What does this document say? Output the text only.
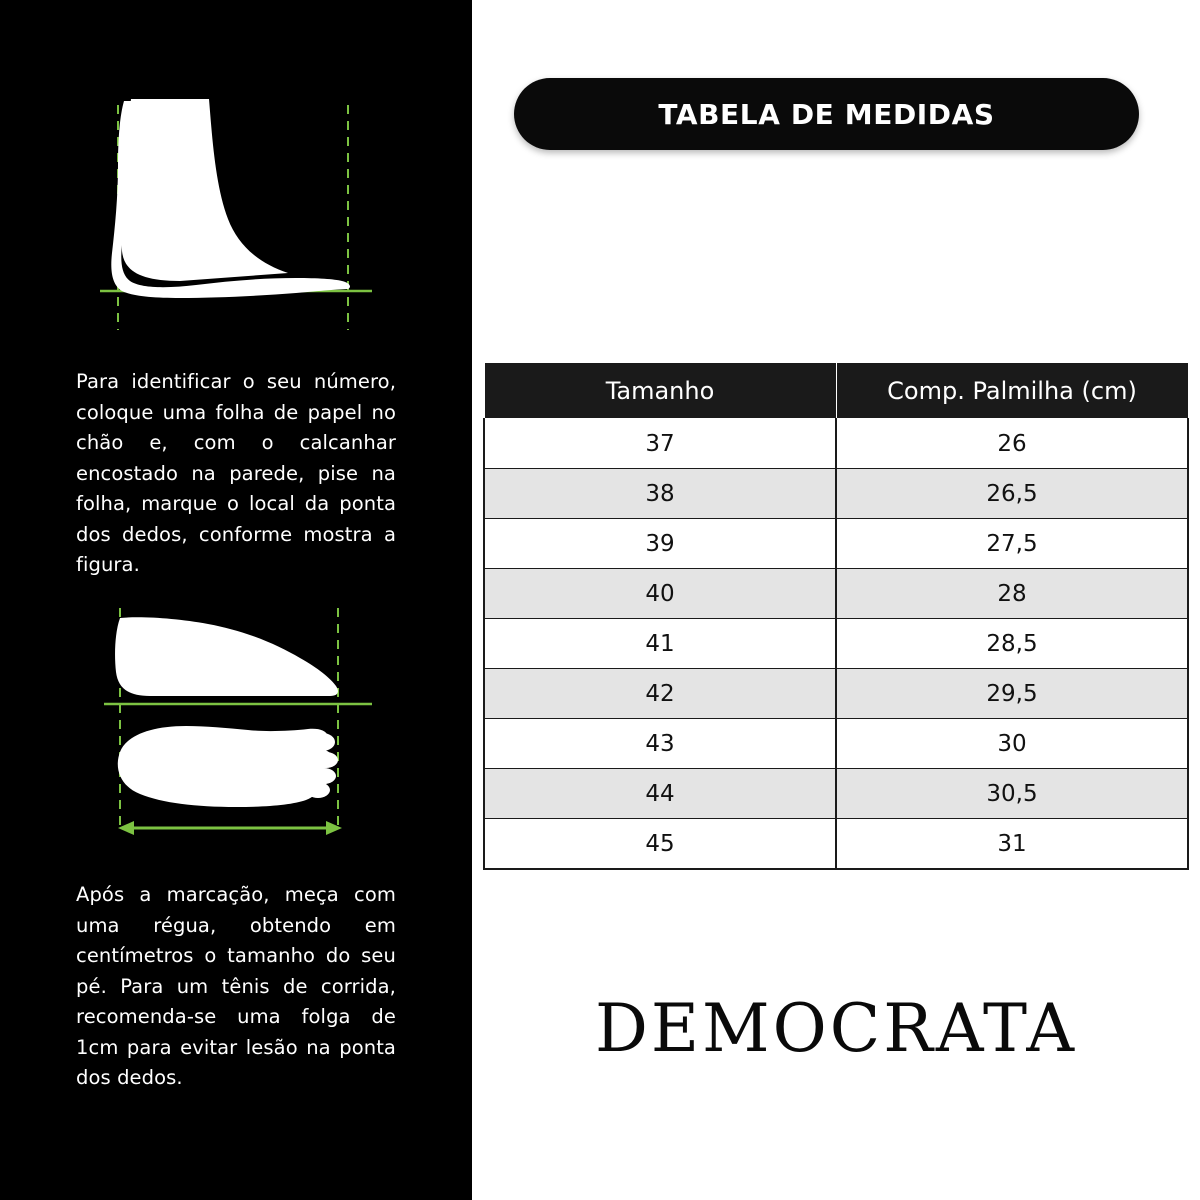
Para identificar o seu número, coloque uma folha de papel no chão e, com o calcanhar encostado na parede, pise na folha, marque o local da ponta dos dedos, conforme mostra a figura.

Após a marcação, meça com uma régua, obtendo em centímetros o tamanho do seu pé. Para um tênis de corrida, recomenda-se uma folga de 1cm para evitar lesão na ponta dos dedos.

TABELA DE MEDIDAS
Tamanho	Comp. Palmilha (cm)
37	26
38	26,5
39	27,5
40	28
41	28,5
42	29,5
43	30
44	30,5
45	31
DEMOCRATA
